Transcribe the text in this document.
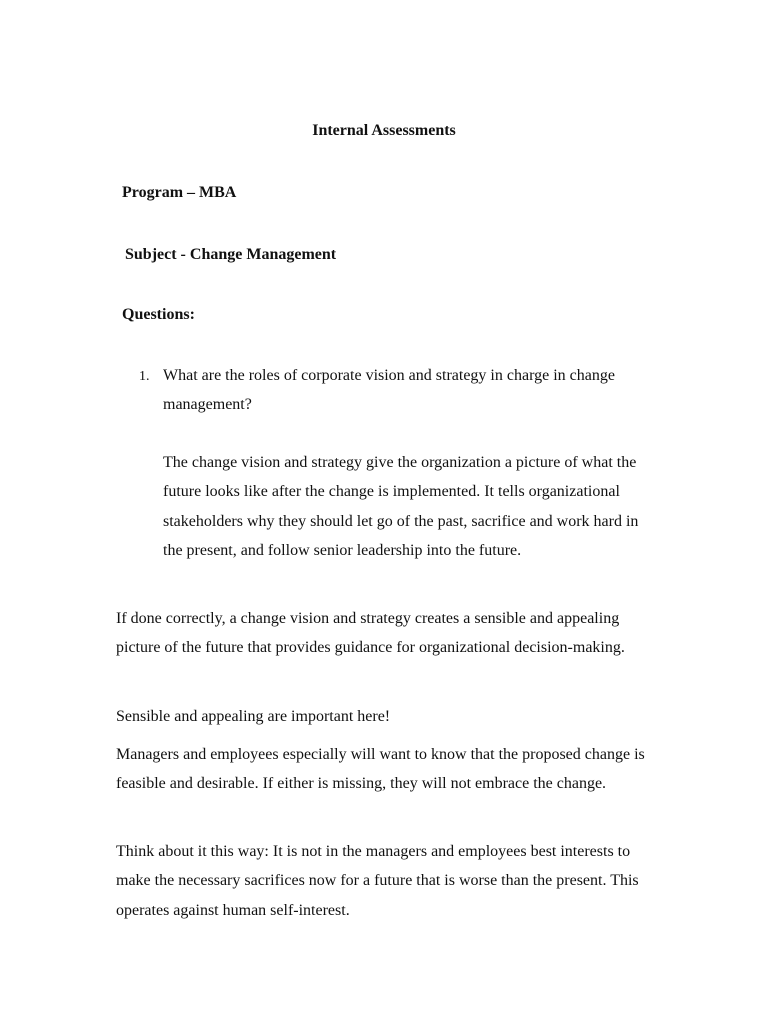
Internal Assessments
Program – MBA
Subject - Change Management
Questions:
1. What are the roles of corporate vision and strategy in charge in change management?
The change vision and strategy give the organization a picture of what the future looks like after the change is implemented. It tells organizational stakeholders why they should let go of the past, sacrifice and work hard in the present, and follow senior leadership into the future.

If done correctly, a change vision and strategy creates a sensible and appealing picture of the future that provides guidance for organizational decision-making.

Sensible and appealing are important here!

Managers and employees especially will want to know that the proposed change is feasible and desirable. If either is missing, they will not embrace the change.

Think about it this way: It is not in the managers and employees best interests to make the necessary sacrifices now for a future that is worse than the present. This operates against human self-interest.
